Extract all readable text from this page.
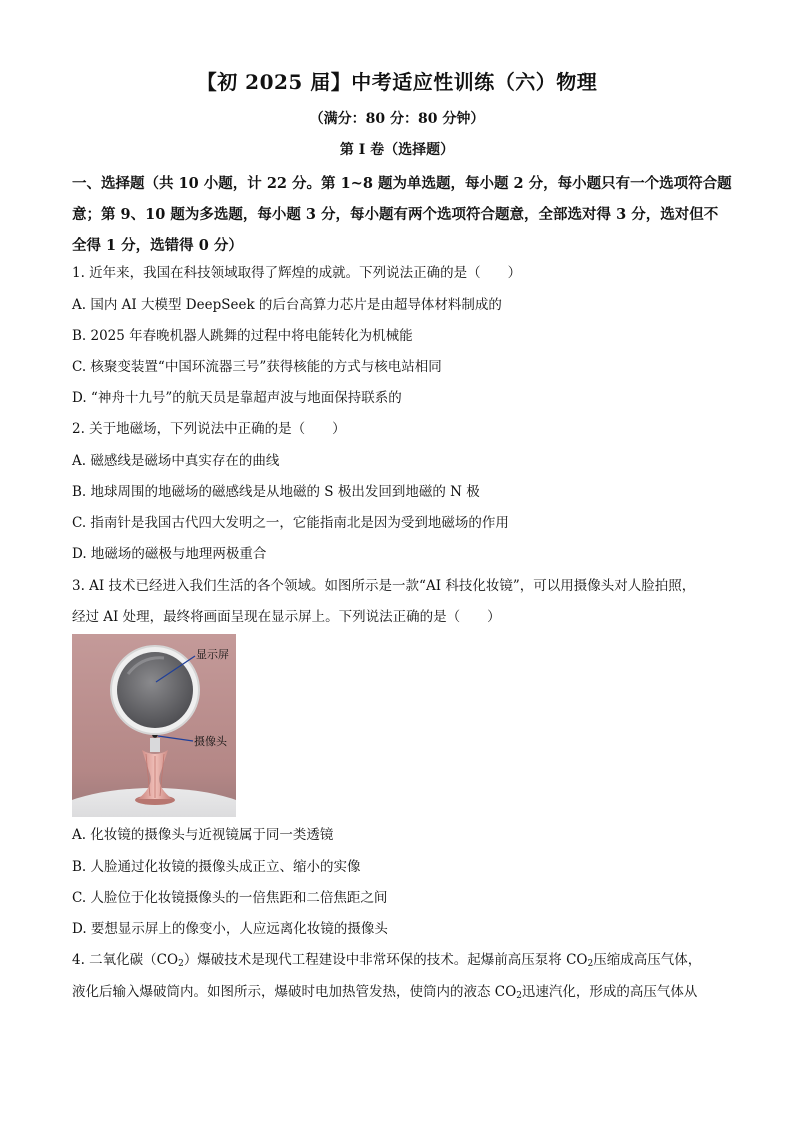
【初 2025 届】中考适应性训练（六）物理
（满分：80 分：80 分钟）
第 I 卷（选择题）
一、选择题（共 10 小题，计 22 分。第 1~8 题为单选题，每小题 2 分，每小题只有一个选项符合题意；第 9、10 题为多选题，每小题 3 分，每小题有两个选项符合题意，全部选对得 3 分，选对但不全得 1 分，选错得 0 分）
1. 近年来，我国在科技领域取得了辉煌的成就。下列说法正确的是（　　）
A. 国内 AI 大模型 DeepSeek 的后台高算力芯片是由超导体材料制成的
B. 2025 年春晚机器人跳舞的过程中将电能转化为机械能
C. 核聚变装置“中国环流器三号”获得核能的方式与核电站相同
D. “神舟十九号”的航天员是靠超声波与地面保持联系的
2. 关于地磁场，下列说法中正确的是（　　）
A. 磁感线是磁场中真实存在的曲线
B. 地球周围的地磁场的磁感线是从地磁的 S 极出发回到地磁的 N 极
C. 指南针是我国古代四大发明之一，它能指南北是因为受到地磁场的作用
D. 地磁场的磁极与地理两极重合
3. AI 技术已经进入我们生活的各个领域。如图所示是一款“AI 科技化妆镜”，可以用摄像头对人脸拍照，
经过 AI 处理，最终将画面呈现在显示屏上。下列说法正确的是（　　）
显示屏
摄像头
A. 化妆镜的摄像头与近视镜属于同一类透镜
B. 人脸通过化妆镜的摄像头成正立、缩小的实像
C. 人脸位于化妆镜摄像头的一倍焦距和二倍焦距之间
D. 要想显示屏上的像变小，人应远离化妆镜的摄像头
4. 二氧化碳$(CO_2)$爆破技术是现代工程建设中非常环保的技术。起爆前高压泵将 $CO_2$压缩成高压气体，
液化后输入爆破筒内。如图所示，爆破时电加热管发热，使筒内的液态 $CO_2$迅速汽化，形成的高压气体从
